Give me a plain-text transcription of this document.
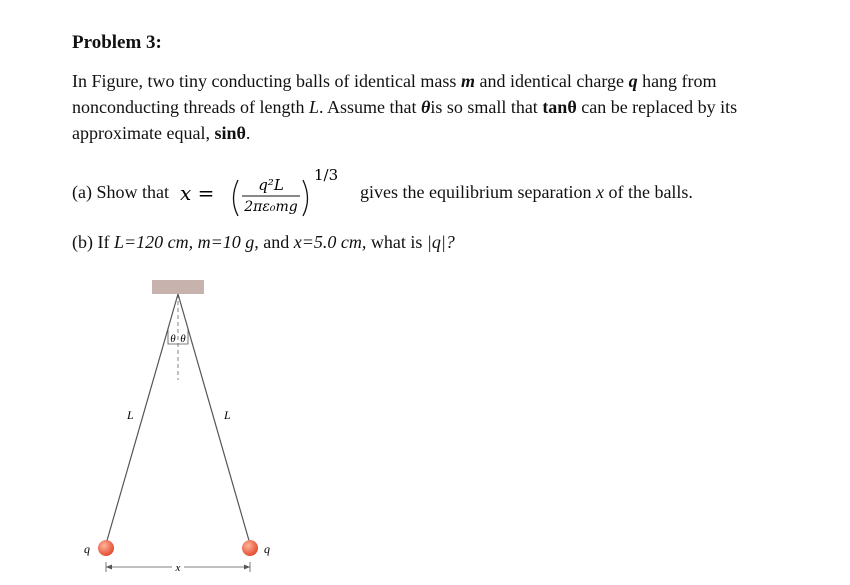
Problem 3:
In Figure, two tiny conducting balls of identical mass m and identical charge q hang from nonconducting threads of length L. Assume that θis so small that tanθ can be replaced by its approximate equal, sinθ.
(a) Show that x =	q²L
2πε₀mg
1/3
gives the equilibrium separation x of the balls.
(b) If L=120 cm, m=10 g, and x=5.0 cm, what is |q|?
θ θ
L	L
q	q
x
